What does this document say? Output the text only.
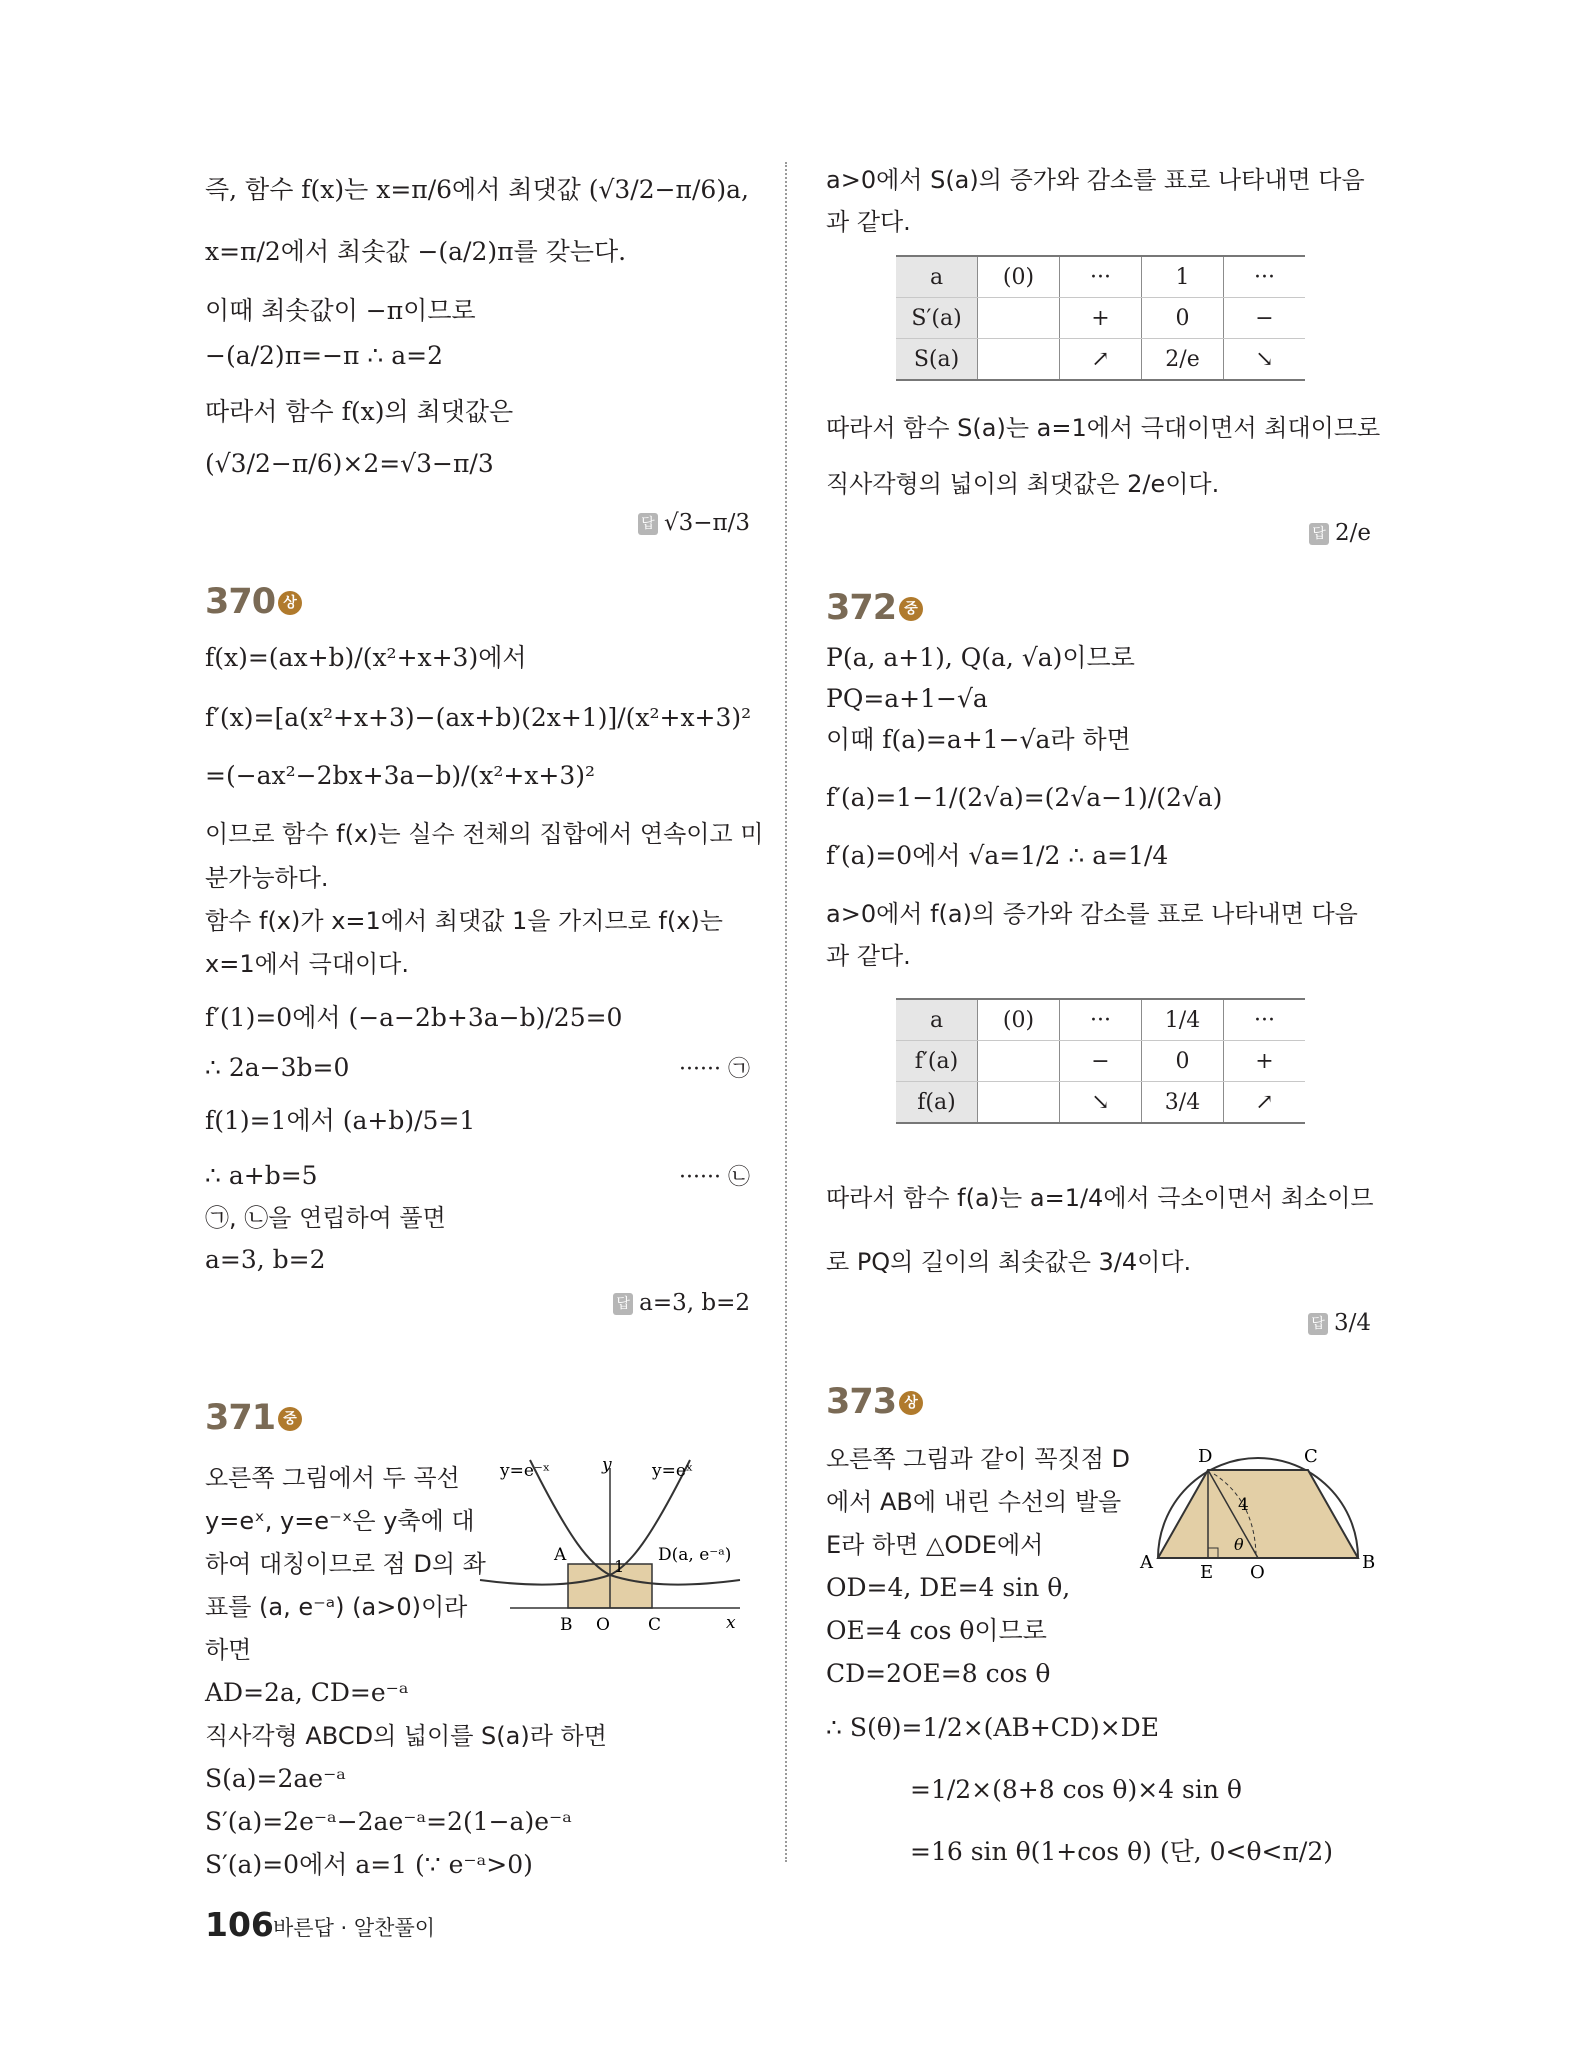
즉, 함수 f(x)는 x=π/6에서 최댓값 (√3/2−π/6)a,
x=π/2에서 최솟값 −(a/2)π를 갖는다.
이때 최솟값이 −π이므로
−(a/2)π=−π ∴ a=2
따라서 함수 f(x)의 최댓값은
(√3/2−π/6)×2=√3−π/3
답 √3−π/3
370 상
f(x)=(ax+b)/(x²+x+3)에서
f′(x)=[a(x²+x+3)−(ax+b)(2x+1)]/(x²+x+3)²
=(−ax²−2bx+3a−b)/(x²+x+3)²
이므로 함수 f(x)는 실수 전체의 집합에서 연속이고 미
분가능하다.
함수 f(x)가 x=1에서 최댓값 1을 가지므로 f(x)는
x=1에서 극대이다.
f′(1)=0에서 (−a−2b+3a−b)/25=0
∴ 2a−3b=0	······ ㉠
f(1)=1에서 (a+b)/5=1
∴ a+b=5	······ ㉡
㉠, ㉡을 연립하여 풀면
a=3, b=2
답 a=3, b=2
371 중
오른쪽 그림에서 두 곡선
y=eˣ, y=e⁻ˣ은 y축에 대
하여 대칭이므로 점 D의 좌
표를 (a, e⁻ᵃ) (a>0)이라
하면
AD=2a, CD=e⁻ᵃ
직사각형 ABCD의 넓이를 S(a)라 하면
S(a)=2ae⁻ᵃ
S′(a)=2e⁻ᵃ−2ae⁻ᵃ=2(1−a)e⁻ᵃ
S′(a)=0에서 a=1 (∵ e⁻ᵃ>0)
y=e⁻ˣ	y y=eˣ
1
A	D(a, e⁻ᵃ)
B O C	x
a>0에서 S(a)의 증가와 감소를 표로 나타내면 다음
과 같다.
a	(0)	···	1	···
S′(a)		+	0	−
S(a)		↗	2/e	↘
따라서 함수 S(a)는 a=1에서 극대이면서 최대이므로
직사각형의 넓이의 최댓값은 2/e이다.
답 2/e
372 중
P(a, a+1), Q(a, √a)이므로
PQ=a+1−√a
이때 f(a)=a+1−√a라 하면
f′(a)=1−1/(2√a)=(2√a−1)/(2√a)
f′(a)=0에서 √a=1/2 ∴ a=1/4
a>0에서 f(a)의 증가와 감소를 표로 나타내면 다음
과 같다.
a	(0)	···	1/4	···
f′(a)		−	0	+
f(a)		↘	3/4	↗
따라서 함수 f(a)는 a=1/4에서 극소이면서 최소이므
로 PQ의 길이의 최솟값은 3/4이다.
답 3/4
373 상
오른쪽 그림과 같이 꼭짓점 D
에서 AB에 내린 수선의 발을
E라 하면 △ODE에서
OD=4, DE=4 sin θ,
OE=4 cos θ이므로
CD=2OE=8 cos θ
∴ S(θ)=1/2×(AB+CD)×DE
=1/2×(8+8 cos θ)×4 sin θ
=16 sin θ(1+cos θ) (단, 0<θ<π/2)
D	C
A	E O	B
4
θ
106 바른답 · 알찬풀이
